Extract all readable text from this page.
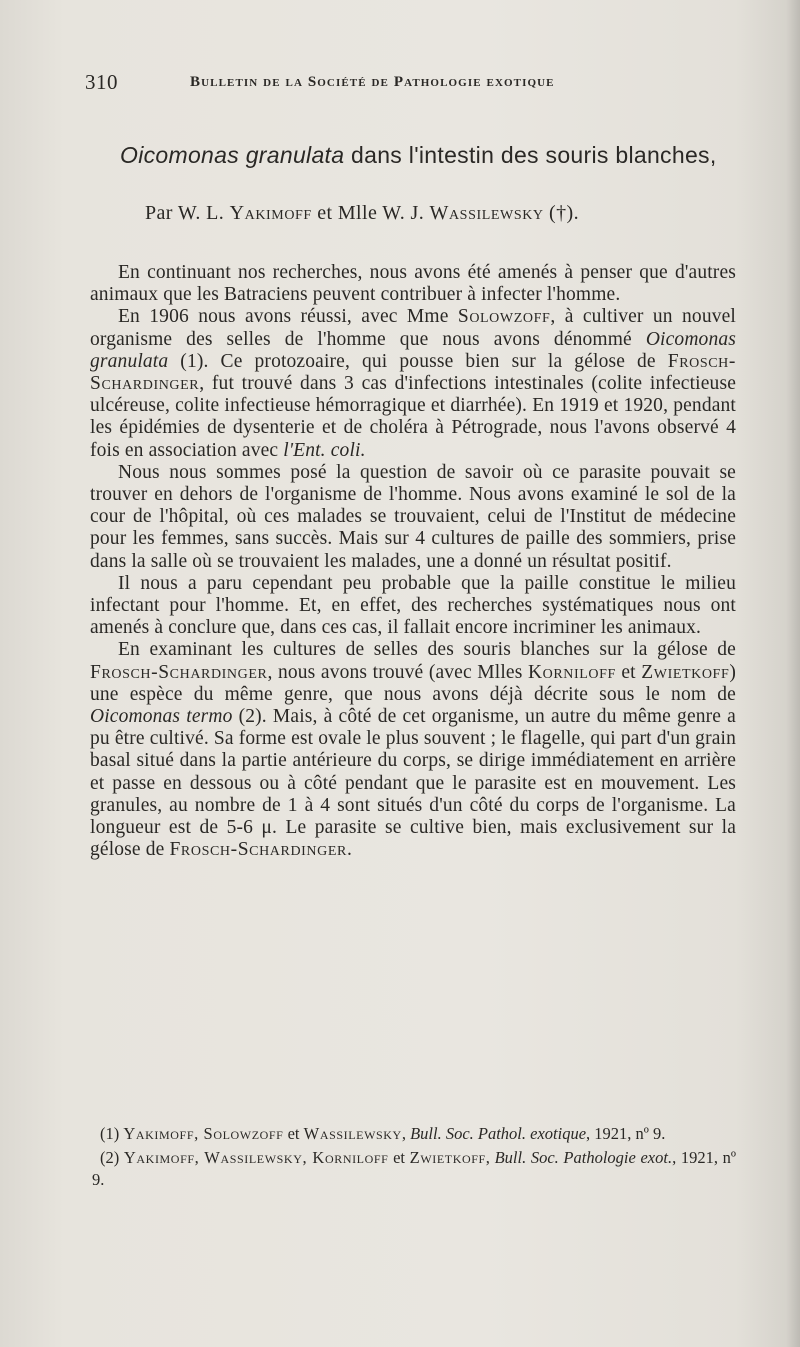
310	Bulletin de la Société de Pathologie exotique
Oicomonas granulata dans l'intestin des souris blanches,
Par W. L. Yakimoff et Mlle W. J. Wassilewsky (†).

En continuant nos recherches, nous avons été amenés à penser que d'autres animaux que les Batraciens peuvent contribuer à infecter l'homme.

En 1906 nous avons réussi, avec Mme Solowzoff, à cultiver un nouvel organisme des selles de l'homme que nous avons dénommé Oicomonas granulata (1). Ce protozoaire, qui pousse bien sur la gélose de Frosch-Schardinger, fut trouvé dans 3 cas d'infections intestinales (colite infectieuse ulcéreuse, colite infectieuse hémorragique et diarrhée). En 1919 et 1920, pendant les épidémies de dysenterie et de choléra à Pétrograde, nous l'avons observé 4 fois en association avec l'Ent. coli.

Nous nous sommes posé la question de savoir où ce parasite pouvait se trouver en dehors de l'organisme de l'homme. Nous avons examiné le sol de la cour de l'hôpital, où ces malades se trouvaient, celui de l'Institut de médecine pour les femmes, sans succès. Mais sur 4 cultures de paille des sommiers, prise dans la salle où se trouvaient les malades, une a donné un résultat positif.

Il nous a paru cependant peu probable que la paille constitue le milieu infectant pour l'homme. Et, en effet, des recherches systématiques nous ont amenés à conclure que, dans ces cas, il fallait encore incriminer les animaux.

En examinant les cultures de selles des souris blanches sur la gélose de Frosch-Schardinger, nous avons trouvé (avec Mlles Korniloff et Zwietkoff) une espèce du même genre, que nous avons déjà décrite sous le nom de Oicomonas termo (2). Mais, à côté de cet organisme, un autre du même genre a pu être cultivé. Sa forme est ovale le plus souvent ; le flagelle, qui part d'un grain basal situé dans la partie antérieure du corps, se dirige immédiatement en arrière et passe en dessous ou à côté pendant que le parasite est en mouvement. Les granules, au nombre de 1 à 4 sont situés d'un côté du corps de l'organisme. La longueur est de 5-6 μ. Le parasite se cultive bien, mais exclusivement sur la gélose de Frosch-Schardinger.

(1) Yakimoff, Solowzoff et Wassilewsky, Bull. Soc. Pathol. exotique, 1921, nº 9.

(2) Yakimoff, Wassilewsky, Korniloff et Zwietkoff, Bull. Soc. Pathologie exot., 1921, nº 9.
